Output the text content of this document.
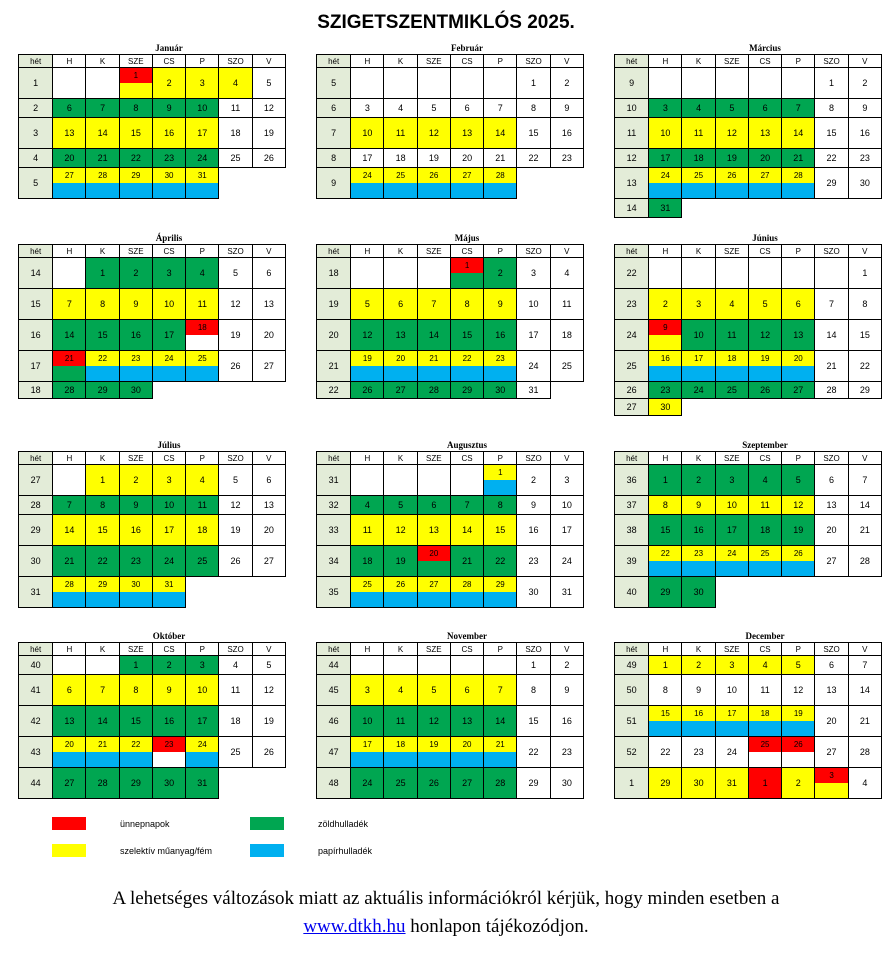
SZIGETSZENTMIKLÓS 2025.
Január
hét	H	K	SZE	CS	P	SZO	V
1			1	2	3	4	5

2	6	7	8	9	10	11	12

3	13	14	15	16	17	18	19

4	20	21	22	23	24	25	26

5	27	28	29	30	31		

Február
hét	H	K	SZE	CS	P	SZO	V
5						1	2

6	3	4	5	6	7	8	9

7	10	11	12	13	14	15	16

8	17	18	19	20	21	22	23

9	24	25	26	27	28		

Március
hét	H	K	SZE	CS	P	SZO	V
9						1	2

10	3	4	5	6	7	8	9

11	10	11	12	13	14	15	16

12	17	18	19	20	21	22	23

13	24	25	26	27	28	29	30

14	31						

Április
hét	H	K	SZE	CS	P	SZO	V
14		1	2	3	4	5	6

15	7	8	9	10	11	12	13

16	14	15	16	17	18	19	20

17	21	22	23	24	25	26	27

18	28	29	30				

Május
hét	H	K	SZE	CS	P	SZO	V
18				1	2	3	4

19	5	6	7	8	9	10	11

20	12	13	14	15	16	17	18

21	19	20	21	22	23	24	25

22	26	27	28	29	30	31	

Június
hét	H	K	SZE	CS	P	SZO	V
22							1

23	2	3	4	5	6	7	8

24	9	10	11	12	13	14	15

25	16	17	18	19	20	21	22

26	23	24	25	26	27	28	29

27	30						

Július
hét	H	K	SZE	CS	P	SZO	V
27		1	2	3	4	5	6

28	7	8	9	10	11	12	13

29	14	15	16	17	18	19	20

30	21	22	23	24	25	26	27

31	28	29	30	31			

Augusztus
hét	H	K	SZE	CS	P	SZO	V
31					1	2	3

32	4	5	6	7	8	9	10

33	11	12	13	14	15	16	17

34	18	19	20	21	22	23	24

35	25	26	27	28	29	30	31
Szeptember
hét	H	K	SZE	CS	P	SZO	V
36	1	2	3	4	5	6	7

37	8	9	10	11	12	13	14

38	15	16	17	18	19	20	21

39	22	23	24	25	26	27	28

40	29	30					

Október
hét	H	K	SZE	CS	P	SZO	V
40			1	2	3	4	5

41	6	7	8	9	10	11	12

42	13	14	15	16	17	18	19

43	20	21	22	23	24	25	26

44	27	28	29	30	31		

November
hét	H	K	SZE	CS	P	SZO	V
44						1	2

45	3	4	5	6	7	8	9

46	10	11	12	13	14	15	16

47	17	18	19	20	21	22	23

48	24	25	26	27	28	29	30
December
hét	H	K	SZE	CS	P	SZO	V
49	1	2	3	4	5	6	7

50	8	9	10	11	12	13	14

51	15	16	17	18	19	20	21

52	22	23	24	25	26	27	28

1	29	30	31	1	2	3	4
ünnepnapok
szelektív műanyag/fém
zöldhulladék
papírhulladék
A lehetséges változások miatt az aktuális információkról kérjük, hogy minden esetben a
www.dtkh.hu honlapon tájékozódjon.
